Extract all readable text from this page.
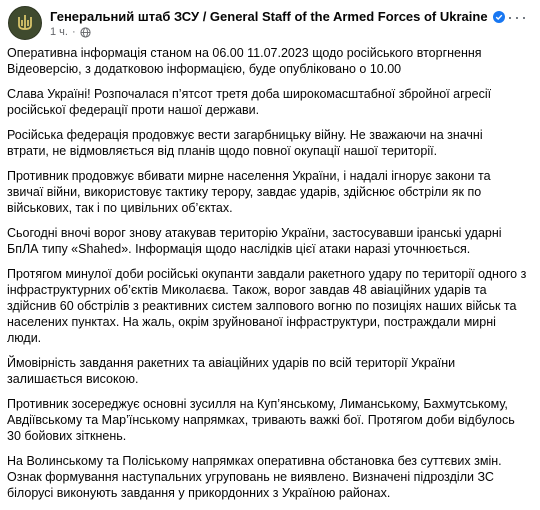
Генеральний штаб ЗСУ / General Staff of the Armed Forces of Ukraine
1 ч. ·
···

Оперативна інформація станом на 06.00 11.07.2023 щодо російського вторгнення Відеоверсію, з додатковою інформацією, буде опубліковано о 10.00

Слава Україні! Розпочалася п’ятсот третя доба широкомасштабної збройної агресії російської федерації проти нашої держави.

Російська федерація продовжує вести загарбницьку війну. Не зважаючи на значні втрати, не відмовляється від планів щодо повної окупації нашої території.

Противник продовжує вбивати мирне населення України, і надалі ігнорує закони та звичаї війни, використовує тактику терору, завдає ударів, здійснює обстріли як по військових, так і по цивільних об’єктах.

Сьогодні вночі ворог знову атакував територію України, застосувавши іранські ударні БпЛА типу «Shahed». Інформація щодо наслідків цієї атаки наразі уточнюється.

Протягом минулої доби російські окупанти завдали ракетного удару по території одного з інфраструктурних об’єктів Миколаєва. Також, ворог завдав 48 авіаційних ударів та здійснив 60 обстрілів з реактивних систем залпового вогню по позиціях наших військ та населених пунктах. На жаль, окрім зруйнованої інфраструктури, постраждали мирні люди.

Ймовірність завдання ракетних та авіаційних ударів по всій території України залишається високою.

Противник зосереджує основні зусилля на Куп’янському, Лиманському, Бахмутському, Авдіївському та Мар’їнському напрямках, тривають важкі бої. Протягом доби відбулось 30 бойових зіткнень.

На Волинському та Поліському напрямках оперативна обстановка без суттєвих змін. Ознак формування наступальних угруповань не виявлено. Визначені підрозділи ЗС білорусі виконують завдання у прикордонних з Україною районах.
